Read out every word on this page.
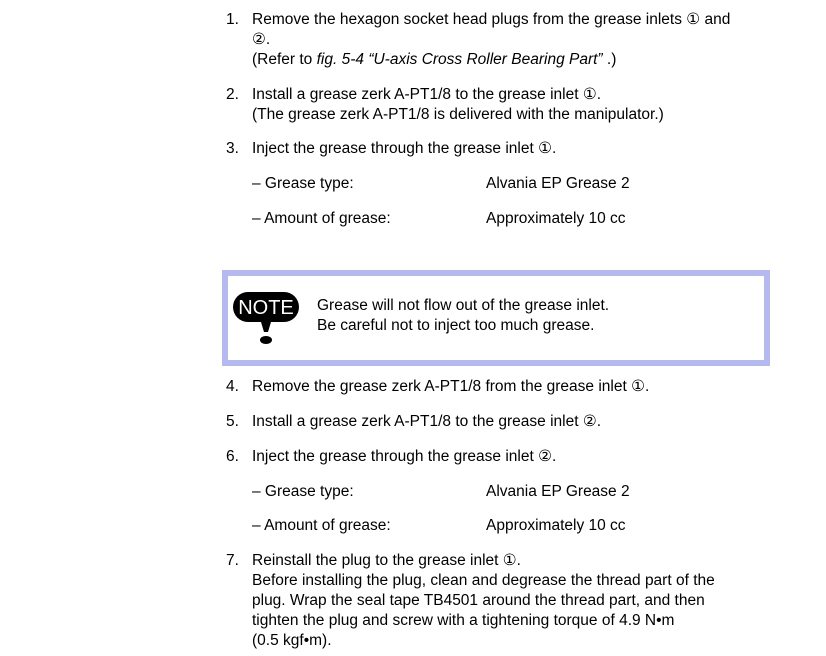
1. Remove the hexagon socket head plugs from the grease inlets ① and
②.
(Refer to fig. 5-4 “U-axis Cross Roller Bearing Part” .)
2. Install a grease zerk A-PT1/8 to the grease inlet ①.
(The grease zerk A-PT1/8 is delivered with the manipulator.)
3. Inject the grease through the grease inlet ①.
– Grease type:	Alvania EP Grease 2
– Amount of grease:	Approximately 10 cc
NOTE Grease will not flow out of the grease inlet.
Be careful not to inject too much grease.
4. Remove the grease zerk A-PT1/8 from the grease inlet ①.
5. Install a grease zerk A-PT1/8 to the grease inlet ②.
6. Inject the grease through the grease inlet ②.
– Grease type:	Alvania EP Grease 2
– Amount of grease:	Approximately 10 cc
7. Reinstall the plug to the grease inlet ①.
Before installing the plug, clean and degrease the thread part of the
plug. Wrap the seal tape TB4501 around the thread part, and then
tighten the plug and screw with a tightening torque of 4.9 N•m
(0.5 kgf•m).
